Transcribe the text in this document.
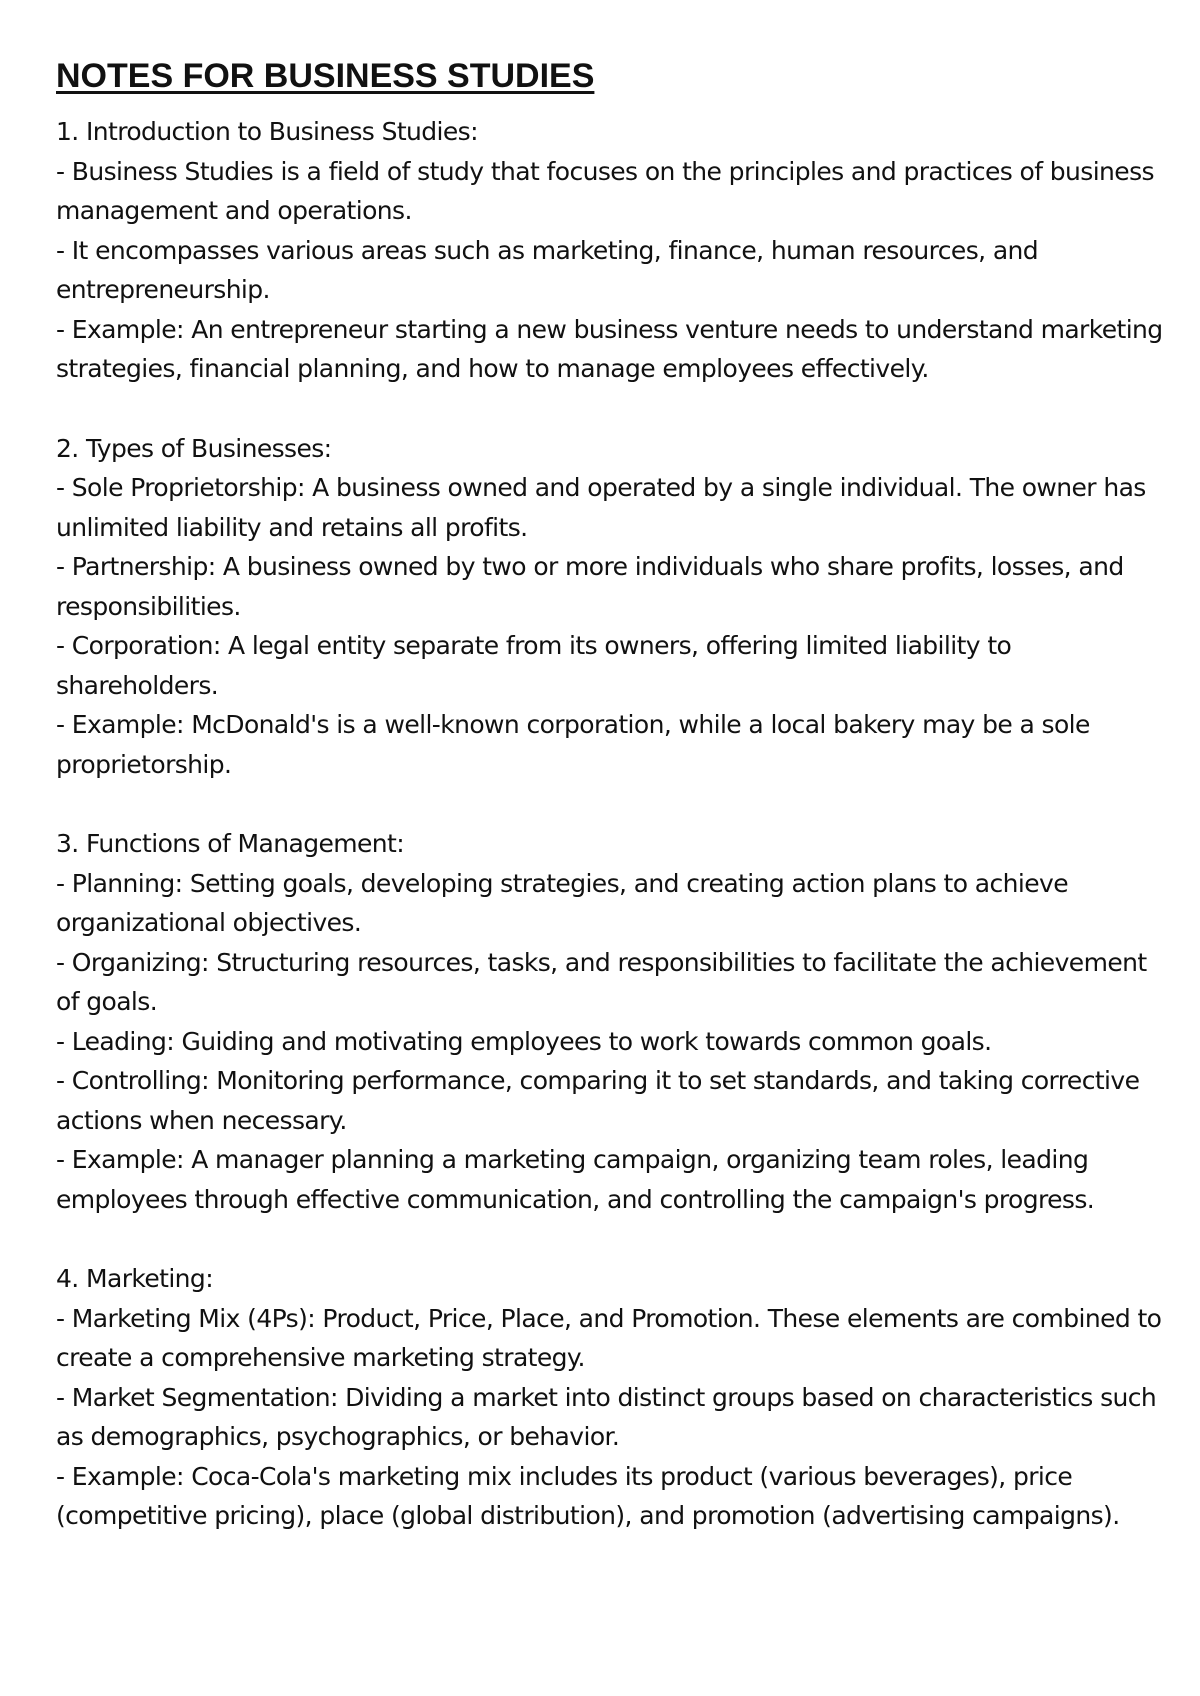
NOTES FOR BUSINESS STUDIES

1. Introduction to Business Studies:

- Business Studies is a field of study that focuses on the principles and practices of business management and operations.

- It encompasses various areas such as marketing, finance, human resources, and entrepreneurship.

- Example: An entrepreneur starting a new business venture needs to understand marketing strategies, financial planning, and how to manage employees effectively.

2. Types of Businesses:

- Sole Proprietorship: A business owned and operated by a single individual. The owner has unlimited liability and retains all profits.

- Partnership: A business owned by two or more individuals who share profits, losses, and responsibilities.

- Corporation: A legal entity separate from its owners, offering limited liability to shareholders.

- Example: McDonald's is a well-known corporation, while a local bakery may be a sole proprietorship.

3. Functions of Management:

- Planning: Setting goals, developing strategies, and creating action plans to achieve organizational objectives.

- Organizing: Structuring resources, tasks, and responsibilities to facilitate the achievement of goals.

- Leading: Guiding and motivating employees to work towards common goals.

- Controlling: Monitoring performance, comparing it to set standards, and taking corrective actions when necessary.

- Example: A manager planning a marketing campaign, organizing team roles, leading employees through effective communication, and controlling the campaign's progress.

4. Marketing:

- Marketing Mix (4Ps): Product, Price, Place, and Promotion. These elements are combined to create a comprehensive marketing strategy.

- Market Segmentation: Dividing a market into distinct groups based on characteristics such as demographics, psychographics, or behavior.

- Example: Coca-Cola's marketing mix includes its product (various beverages), price (competitive pricing), place (global distribution), and promotion (advertising campaigns).
